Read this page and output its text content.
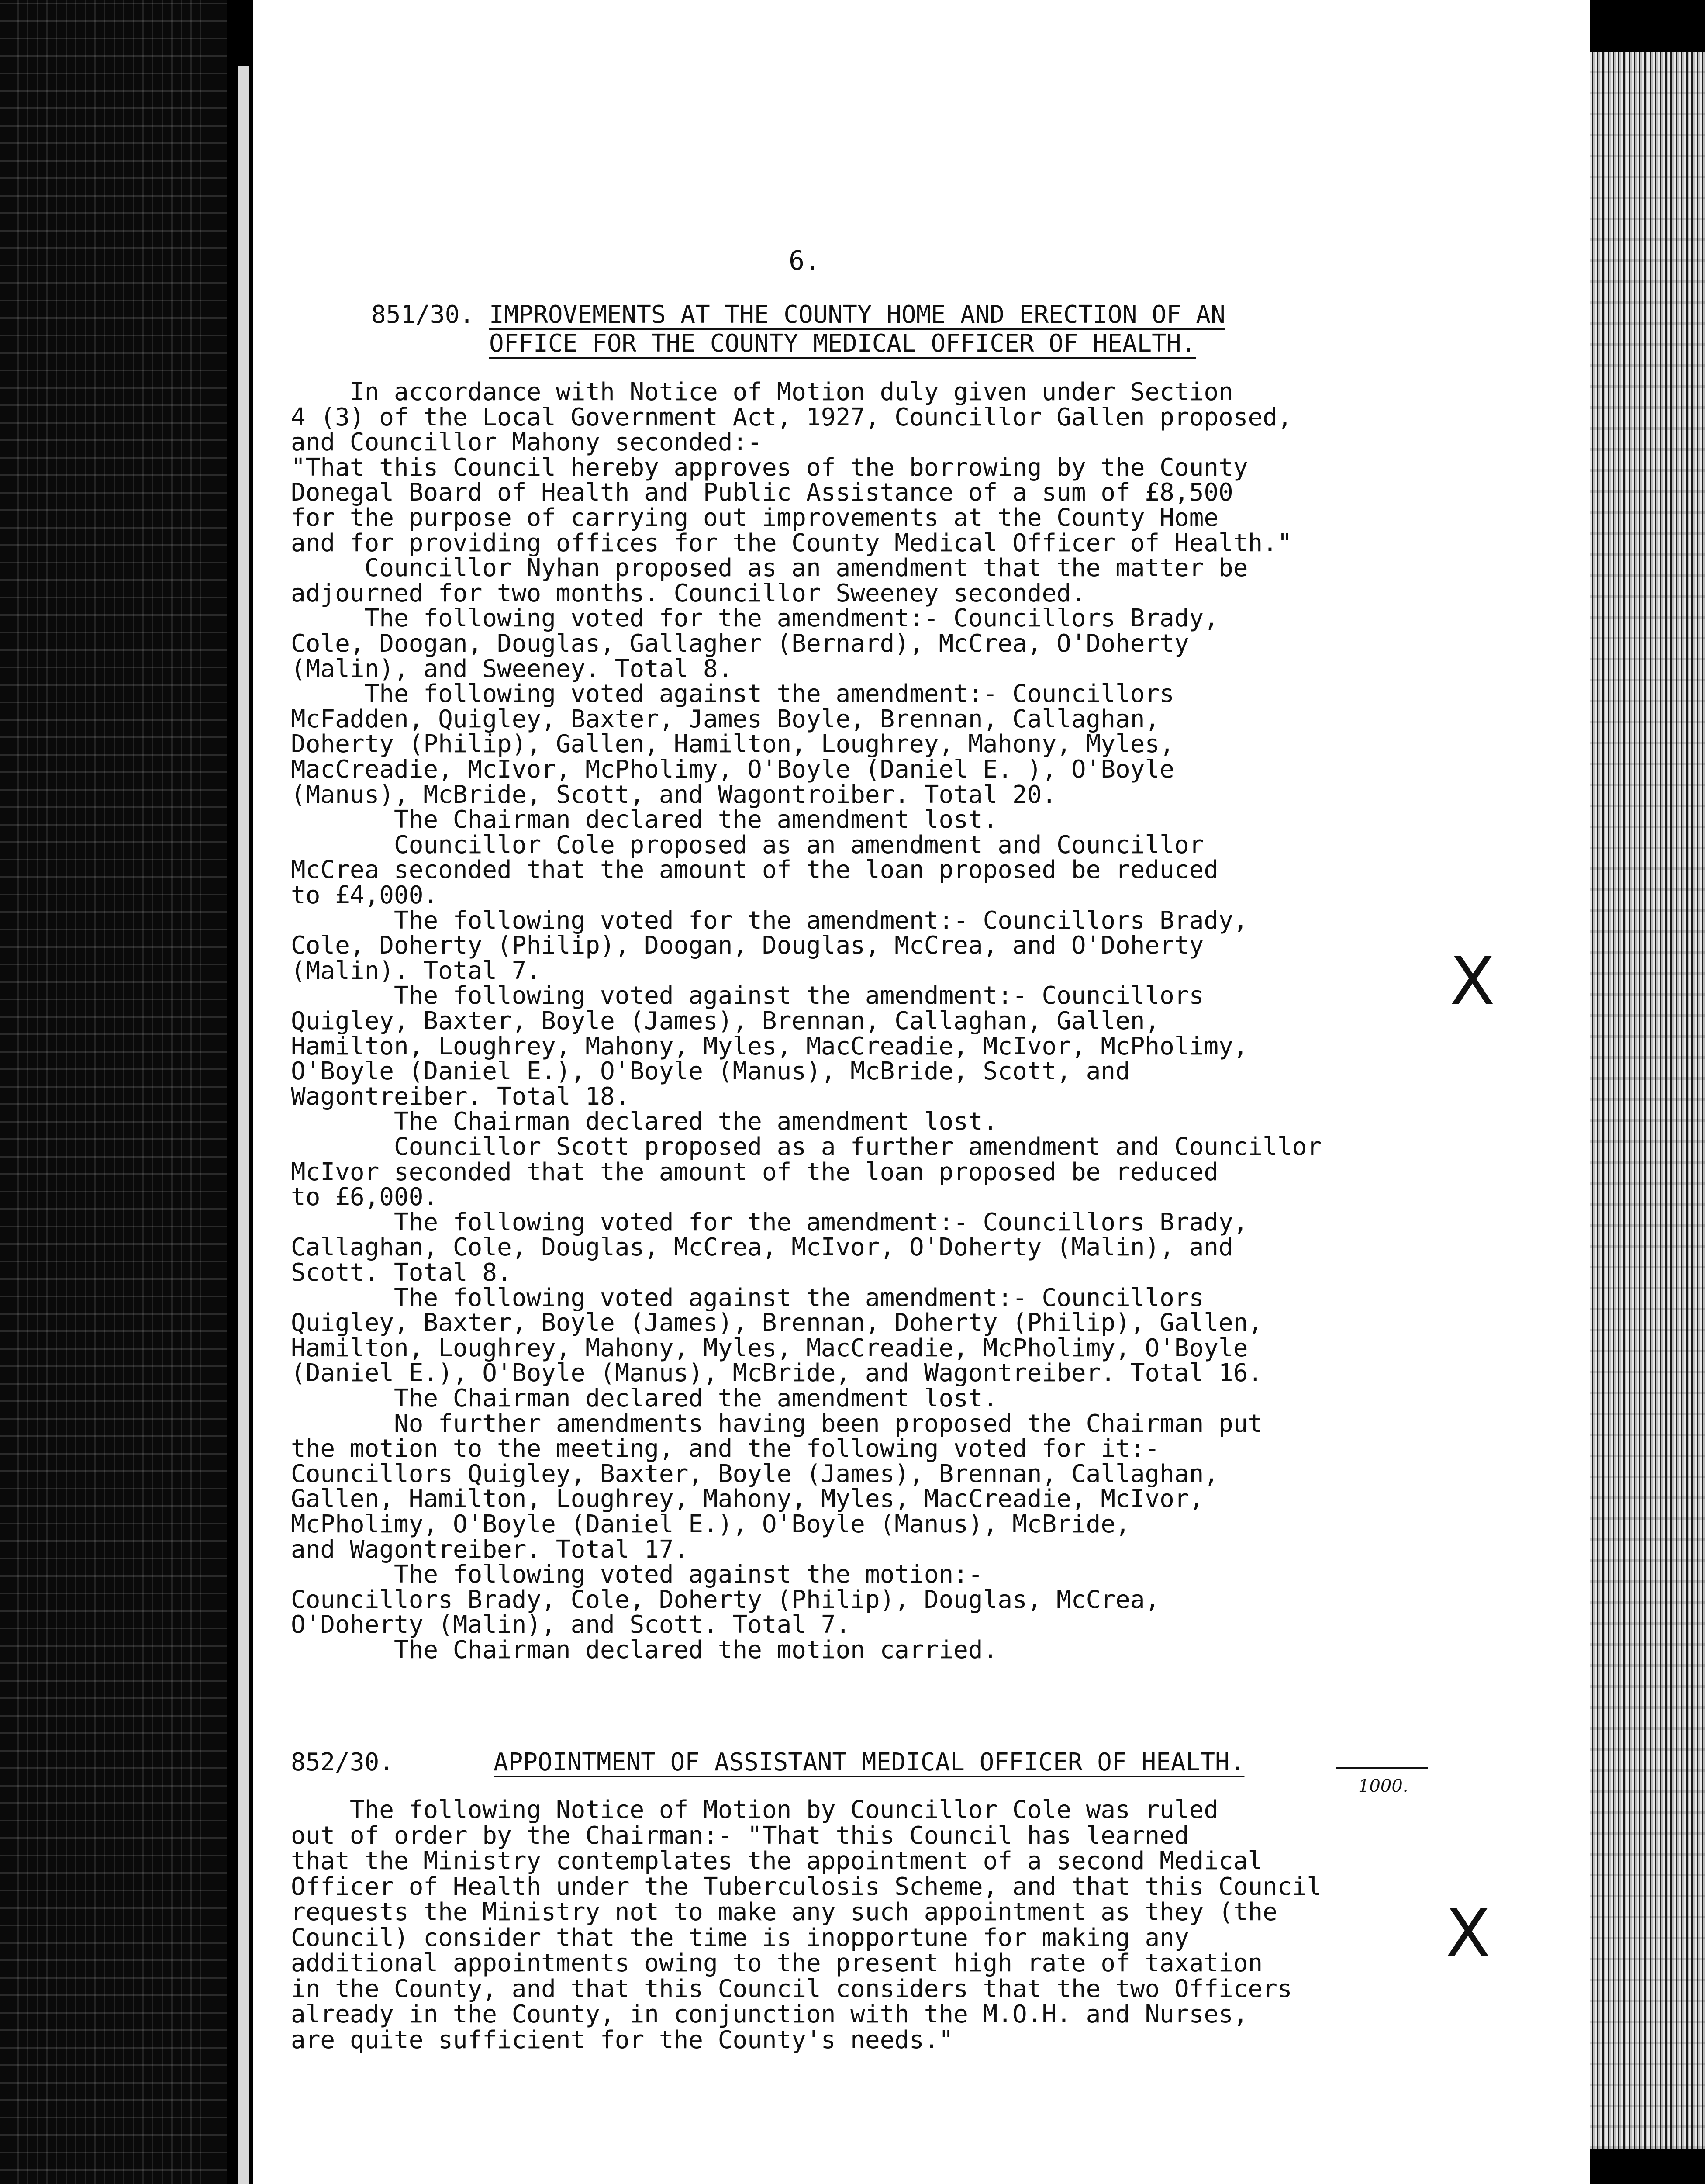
6.
851/30. IMPROVEMENTS AT THE COUNTY HOME AND ERECTION OF AN
OFFICE FOR THE COUNTY MEDICAL OFFICER OF HEALTH.
In accordance with Notice of Motion duly given under Section
4 (3) of the Local Government Act, 1927, Councillor Gallen proposed,
and Councillor Mahony seconded:-
"That this Council hereby approves of the borrowing by the County
Donegal Board of Health and Public Assistance of a sum of £8,500
for the purpose of carrying out improvements at the County Home
and for providing offices for the County Medical Officer of Health."
Councillor Nyhan proposed as an amendment that the matter be
adjourned for two months. Councillor Sweeney seconded.
The following voted for the amendment:- Councillors Brady,
Cole, Doogan, Douglas, Gallagher (Bernard), McCrea, O'Doherty
(Malin), and Sweeney. Total 8.
The following voted against the amendment:- Councillors
McFadden, Quigley, Baxter, James Boyle, Brennan, Callaghan,
Doherty (Philip), Gallen, Hamilton, Loughrey, Mahony, Myles,
MacCreadie, McIvor, McPholimy, O'Boyle (Daniel E. ), O'Boyle
(Manus), McBride, Scott, and Wagontroiber. Total 20.
The Chairman declared the amendment lost.
Councillor Cole proposed as an amendment and Councillor
McCrea seconded that the amount of the loan proposed be reduced
to £4,000.
The following voted for the amendment:- Councillors Brady,
Cole, Doherty (Philip), Doogan, Douglas, McCrea, and O'Doherty
(Malin). Total 7.
The following voted against the amendment:- Councillors
Quigley, Baxter, Boyle (James), Brennan, Callaghan, Gallen,
Hamilton, Loughrey, Mahony, Myles, MacCreadie, McIvor, McPholimy,
O'Boyle (Daniel E.), O'Boyle (Manus), McBride, Scott, and
Wagontreiber. Total 18.
The Chairman declared the amendment lost.
Councillor Scott proposed as a further amendment and Councillor
McIvor seconded that the amount of the loan proposed be reduced
to £6,000.
The following voted for the amendment:- Councillors Brady,
Callaghan, Cole, Douglas, McCrea, McIvor, O'Doherty (Malin), and
Scott. Total 8.
The following voted against the amendment:- Councillors
Quigley, Baxter, Boyle (James), Brennan, Doherty (Philip), Gallen,
Hamilton, Loughrey, Mahony, Myles, MacCreadie, McPholimy, O'Boyle
(Daniel E.), O'Boyle (Manus), McBride, and Wagontreiber. Total 16.
The Chairman declared the amendment lost.
No further amendments having been proposed the Chairman put
the motion to the meeting, and the following voted for it:-
Councillors Quigley, Baxter, Boyle (James), Brennan, Callaghan,
Gallen, Hamilton, Loughrey, Mahony, Myles, MacCreadie, McIvor,
McPholimy, O'Boyle (Daniel E.), O'Boyle (Manus), McBride,
and Wagontreiber. Total 17.
The following voted against the motion:-
Councillors Brady, Cole, Doherty (Philip), Douglas, McCrea,
O'Doherty (Malin), and Scott. Total 7.
The Chairman declared the motion carried.
852/30.	APPOINTMENT OF ASSISTANT MEDICAL OFFICER OF HEALTH.
The following Notice of Motion by Councillor Cole was ruled
out of order by the Chairman:- "That this Council has learned
that the Ministry contemplates the appointment of a second Medical
Officer of Health under the Tuberculosis Scheme, and that this Council
requests the Ministry not to make any such appointment as they (the
Council) consider that the time is inopportune for making any
additional appointments owing to the present high rate of taxation
in the County, and that this Council considers that the two Officers
already in the County, in conjunction with the M.O.H. and Nurses,
are quite sufficient for the County's needs."
X
1000.
X
